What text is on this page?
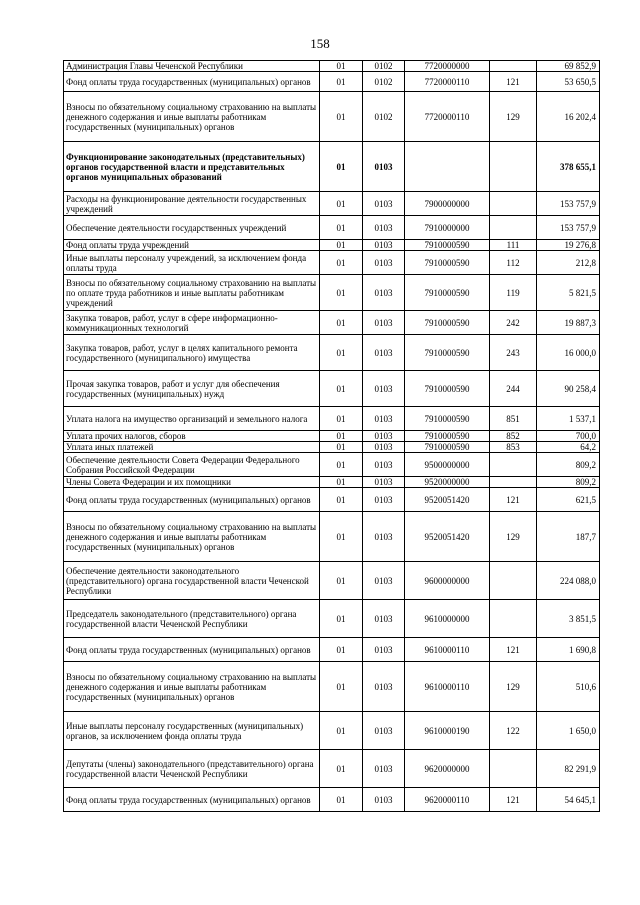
158
Администрация Главы Чеченской Республики	01	0102	7720000000		69 852,9
Фонд оплаты труда государственных (муниципальных) органов	01	0102	7720000110	121	53 650,5
Взносы по обязательному социальному страхованию на выплаты денежного содержания и иные выплаты работникам государственных (муниципальных) органов	01	0102	7720000110	129	16 202,4
Функционирование законодательных (представительных) органов государственной власти и представительных органов муниципальных образований	01	0103			378 655,1
Расходы на функционирование деятельности государственных учреждений	01	0103	7900000000		153 757,9
Обеспечение деятельности государственных учреждений	01	0103	7910000000		153 757,9
Фонд оплаты труда учреждений	01	0103	7910000590	111	19 276,8
Иные выплаты персоналу учреждений, за исключением фонда оплаты труда	01	0103	7910000590	112	212,8
Взносы по обязательному социальному страхованию на выплаты по оплате труда работников и иные выплаты работникам учреждений	01	0103	7910000590	119	5 821,5
Закупка товаров, работ, услуг в сфере информационно-коммуникационных технологий	01	0103	7910000590	242	19 887,3
Закупка товаров, работ, услуг в целях капитального ремонта государственного (муниципального) имущества	01	0103	7910000590	243	16 000,0
Прочая закупка товаров, работ и услуг для обеспечения государственных (муниципальных) нужд	01	0103	7910000590	244	90 258,4
Уплата налога на имущество организаций и земельного налога	01	0103	7910000590	851	1 537,1
Уплата прочих налогов, сборов	01	0103	7910000590	852	700,0
Уплата иных платежей	01	0103	7910000590	853	64,2
Обеспечение деятельности Совета Федерации Федерального Собрания Российской Федерации	01	0103	9500000000		809,2
Члены Совета Федерации и их помощники	01	0103	9520000000		809,2
Фонд оплаты труда государственных (муниципальных) органов	01	0103	9520051420	121	621,5
Взносы по обязательному социальному страхованию на выплаты денежного содержания и иные выплаты работникам государственных (муниципальных) органов	01	0103	9520051420	129	187,7
Обеспечение деятельности законодательного (представительного) органа государственной власти Чеченской Республики	01	0103	9600000000		224 088,0
Председатель законодательного (представительного) органа государственной власти Чеченской Республики	01	0103	9610000000		3 851,5
Фонд оплаты труда государственных (муниципальных) органов	01	0103	9610000110	121	1 690,8
Взносы по обязательному социальному страхованию на выплаты денежного содержания и иные выплаты работникам государственных (муниципальных) органов	01	0103	9610000110	129	510,6
Иные выплаты персоналу государственных (муниципальных) органов, за исключением фонда оплаты труда	01	0103	9610000190	122	1 650,0
Депутаты (члены) законодательного (представительного) органа государственной власти Чеченской Республики	01	0103	9620000000		82 291,9
Фонд оплаты труда государственных (муниципальных) органов	01	0103	9620000110	121	54 645,1
